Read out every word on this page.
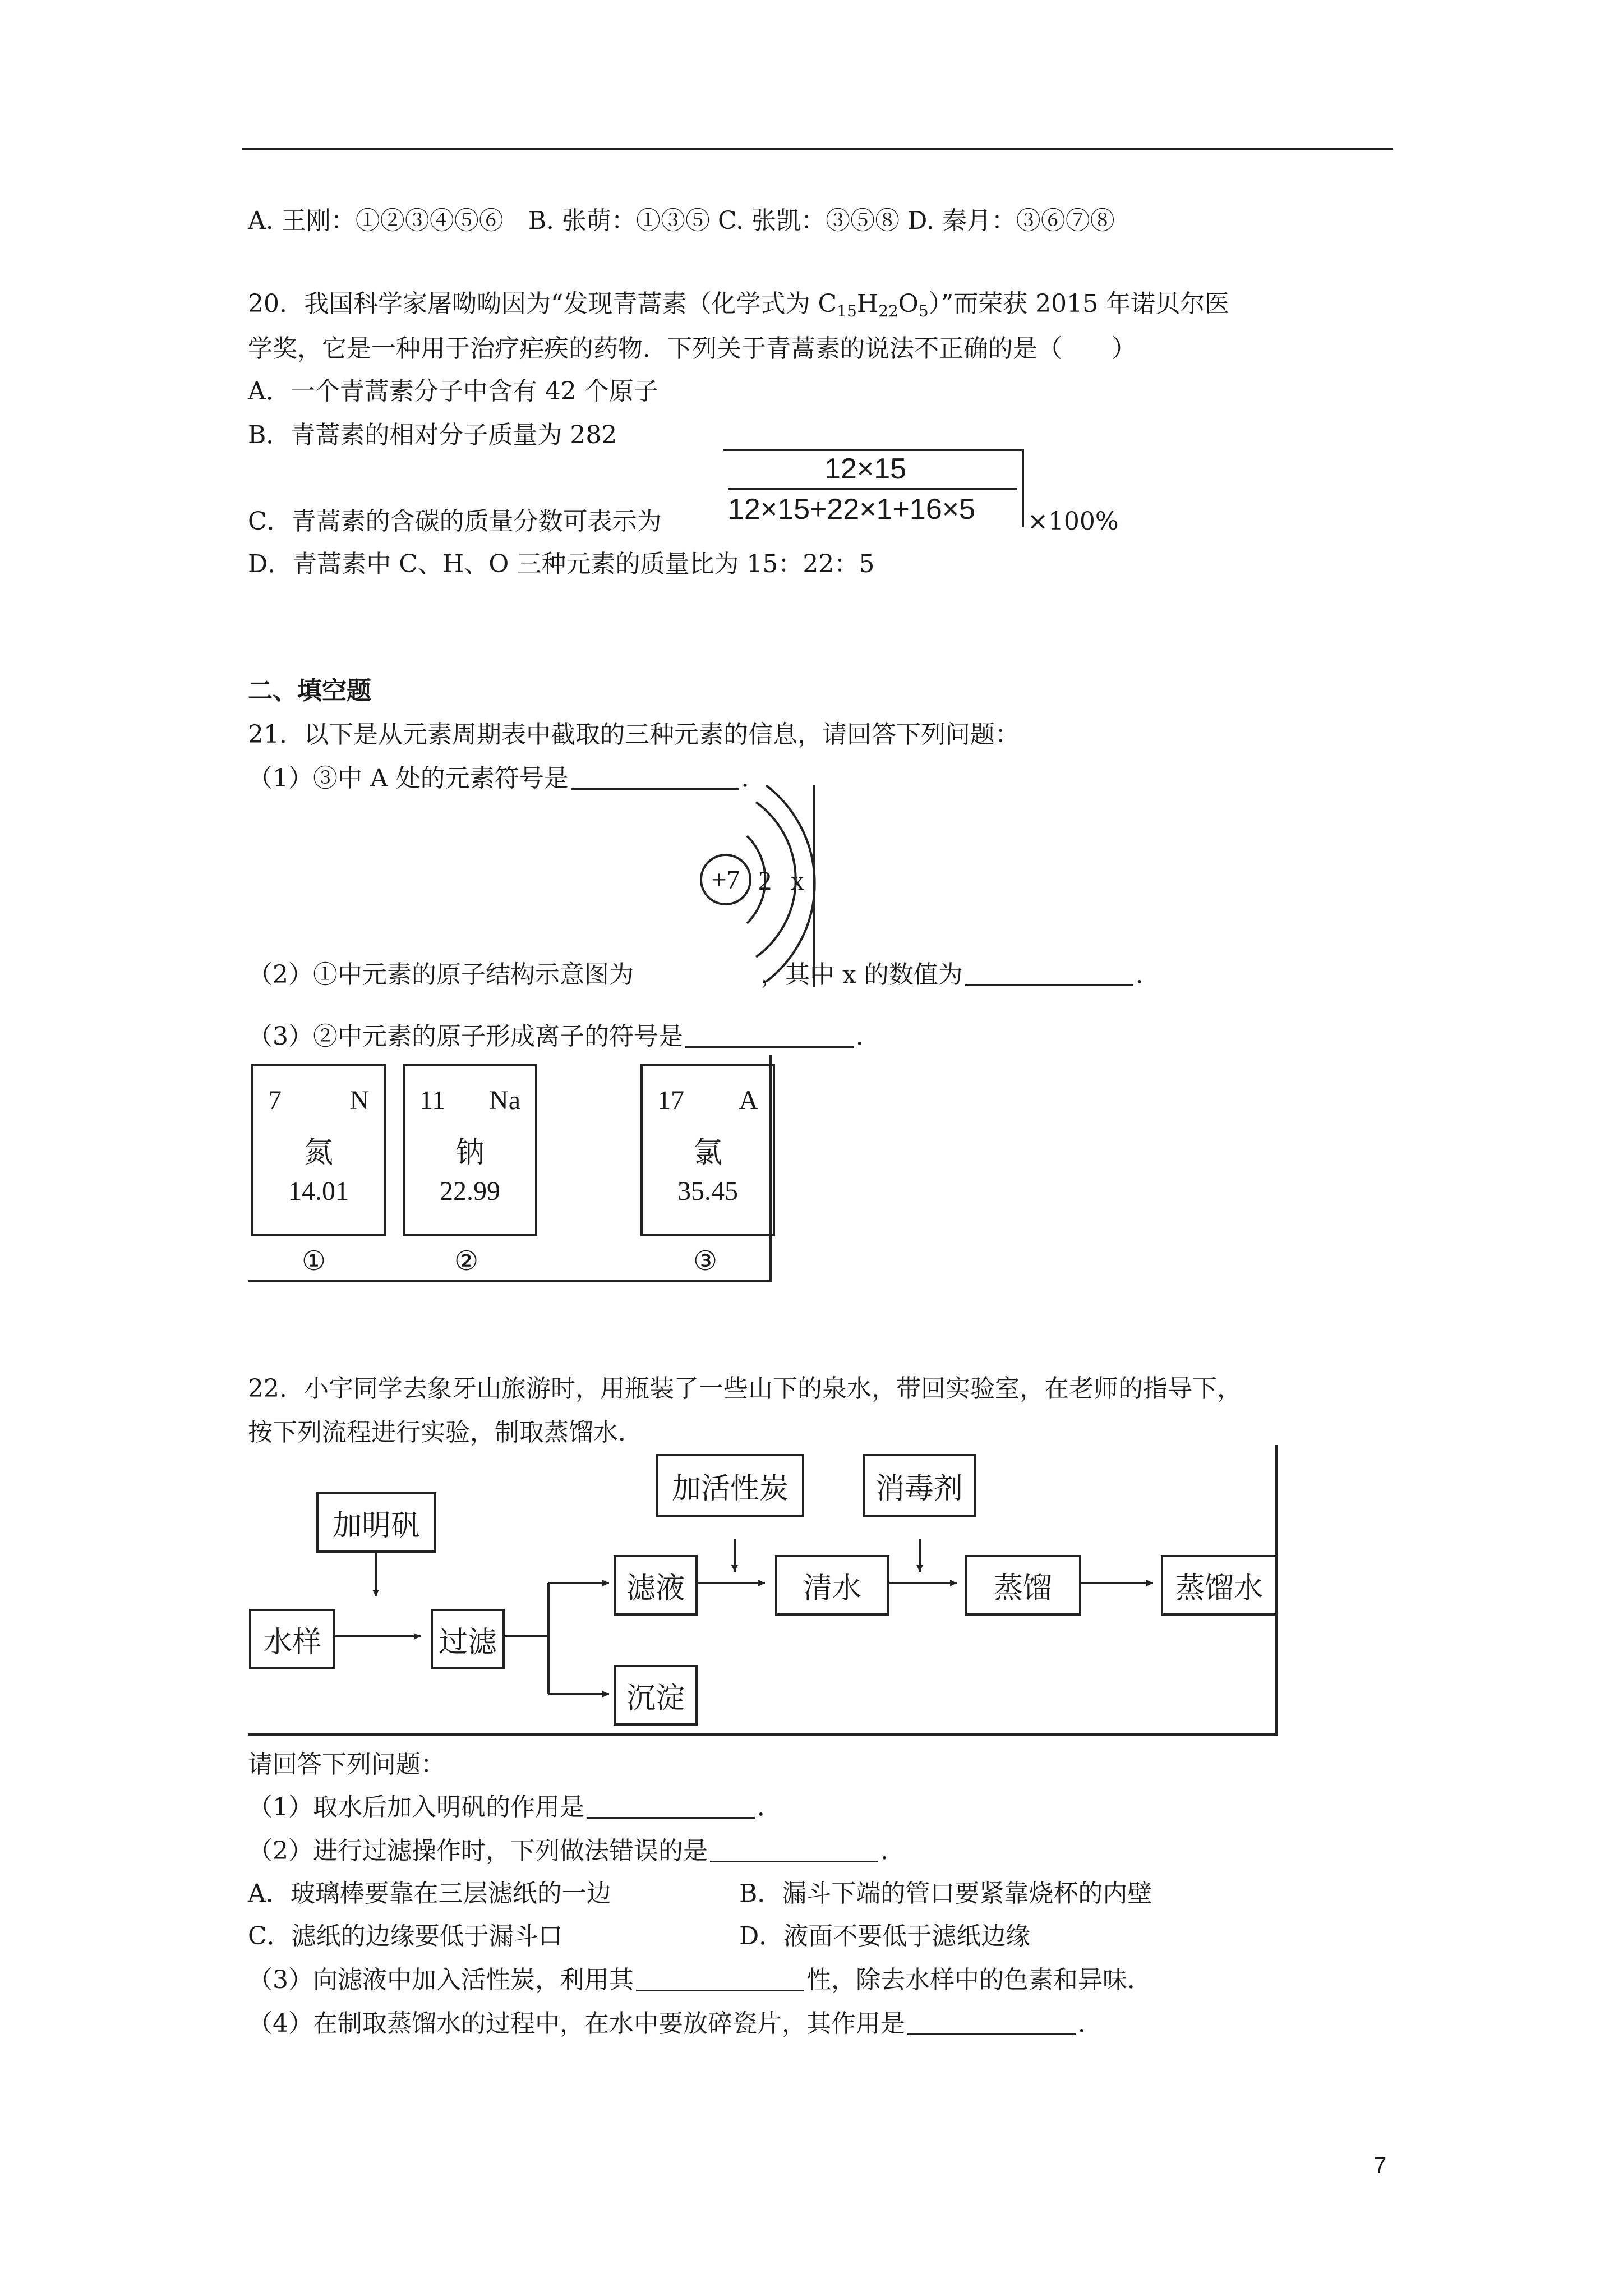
A. 王刚：①②③④⑤⑥　B. 张萌：①③⑤ C. 张凯：③⑤⑧ D. 秦月：③⑥⑦⑧
20．我国科学家屠呦呦因为“发现青蒿素（化学式为 $C_{15}H_{22}O_5$）”而荣获 2015 年诺贝尔医
学奖，它是一种用于治疗疟疾的药物．下列关于青蒿素的说法不正确的是（　　）
A．一个青蒿素分子中含有 42 个原子
B．青蒿素的相对分子质量为 282
C．青蒿素的含碳的质量分数可表示为
12×15
12×15+22×1+16×5 ×100%
D．青蒿素中 C、H、O 三种元素的质量比为 15：22：5
二、填空题
21．以下是从元素周期表中截取的三种元素的信息，请回答下列问题：
（1）③中 A 处的元素符号是	．
+7 2 x
（2）①中元素的原子结构示意图为	，其中 x 的数值为	．
（3）②中元素的原子形成离子的符号是	．
7	N
氮
14.01
①
11 Na
钠
22.99
②
17 A
氯
35.45
③
22．小宇同学去象牙山旅游时，用瓶装了一些山下的泉水，带回实验室，在老师的指导下，
按下列流程进行实验，制取蒸馏水．
加明矾
水样	过滤
滤液
沉淀
加活性炭
清水
消毒剂
蒸馏	蒸馏水
请回答下列问题：
（1）取水后加入明矾的作用是	．
（2）进行过滤操作时，下列做法错误的是	．
A．玻璃棒要靠在三层滤纸的一边	B．漏斗下端的管口要紧靠烧杯的内壁
C．滤纸的边缘要低于漏斗口	D．液面不要低于滤纸边缘
（3）向滤液中加入活性炭，利用其	性，除去水样中的色素和异味．
（4）在制取蒸馏水的过程中，在水中要放碎瓷片，其作用是	．
7
